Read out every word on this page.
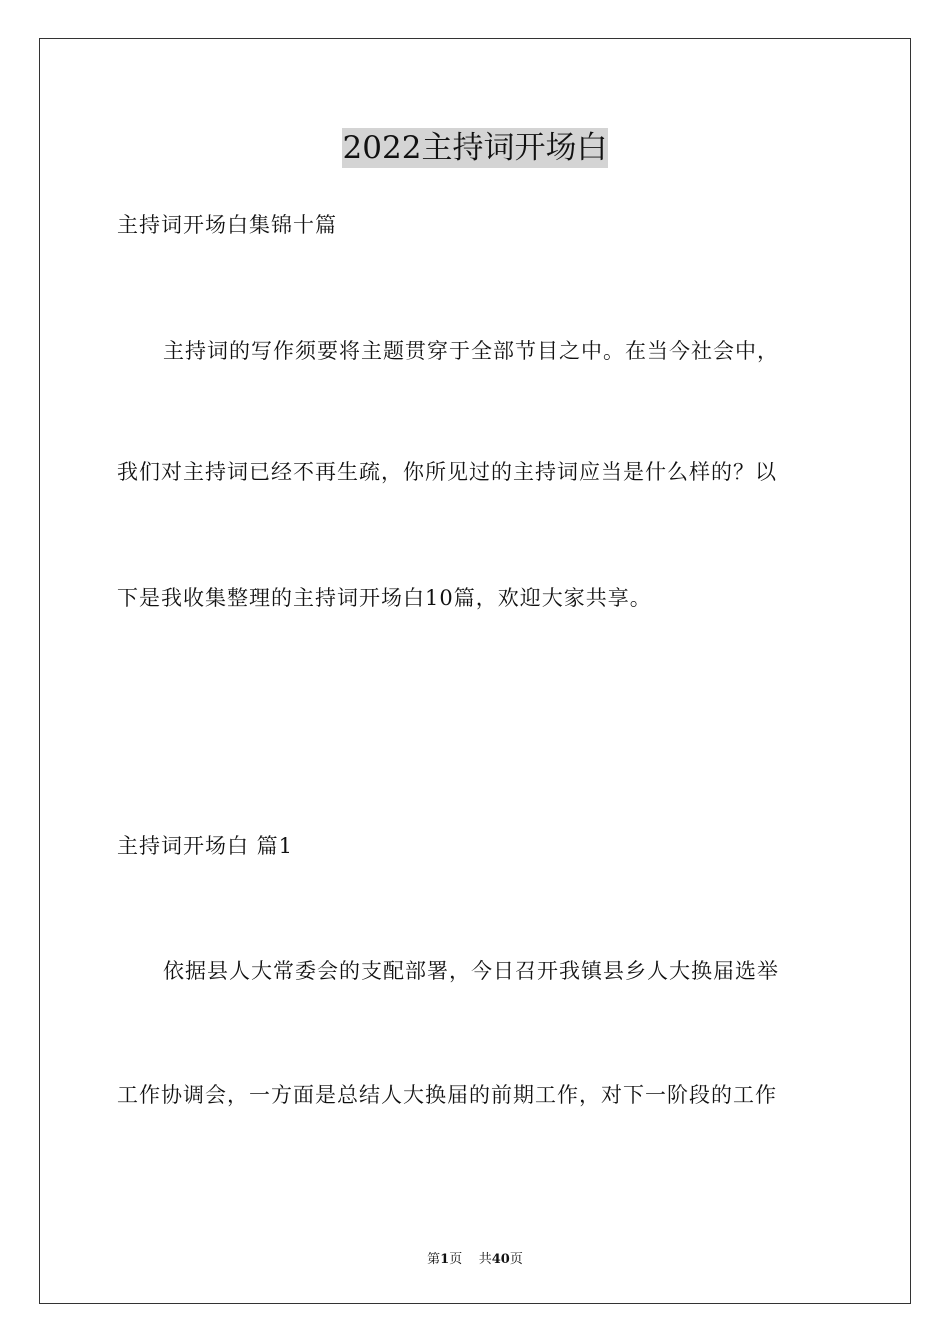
2022主持词开场白
主持词开场白集锦十篇
主持词的写作须要将主题贯穿于全部节目之中。在当今社会中，
我们对主持词已经不再生疏，你所见过的主持词应当是什么样的？以
下是我收集整理的主持词开场白10篇，欢迎大家共享。
主持词开场白 篇1
依据县人大常委会的支配部署，今日召开我镇县乡人大换届选举
工作协调会，一方面是总结人大换届的前期工作，对下一阶段的工作
第1页 共40页
